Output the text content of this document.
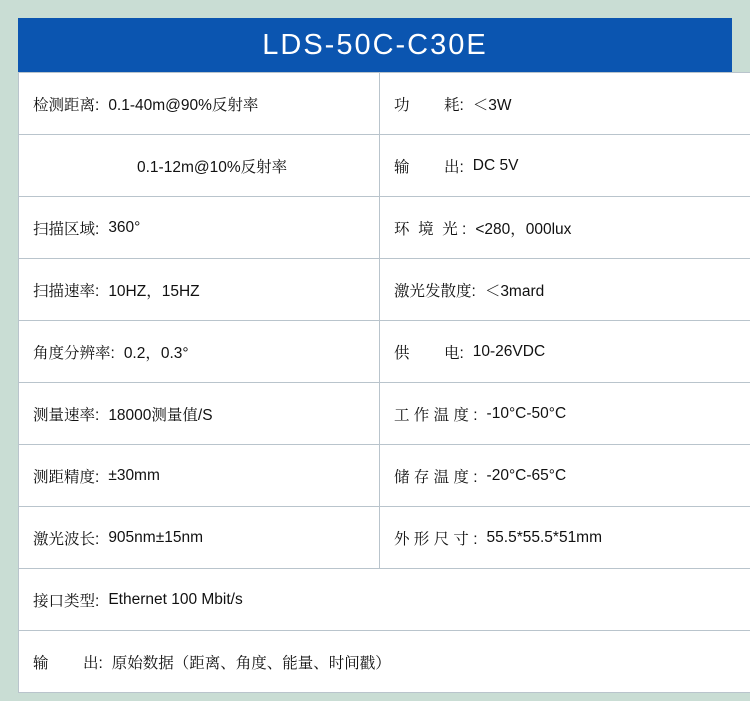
LDS-50C-C30E
检测距离: 0.1-40m@90%反射率	功        耗: ＜3W

0.1-12m@10%反射率	输        出: DC 5V

扫描区域: 360°	环  境  光 : <280，000lux

扫描速率: 10HZ，15HZ	激光发散度: ＜3mard

角度分辨率: 0.2，0.3°	供        电: 10-26VDC

测量速率: 18000测量值/S	工 作 温 度 : -10°C-50°C

测距精度: ±30mm	储 存 温 度 : -20°C-65°C

激光波长: 905nm±15nm	外 形 尺 寸 : 55.5*55.5*51mm

接口类型: Ethernet 100 Mbit/s	

输        出: 原始数据（距离、角度、能量、时间戳）	
